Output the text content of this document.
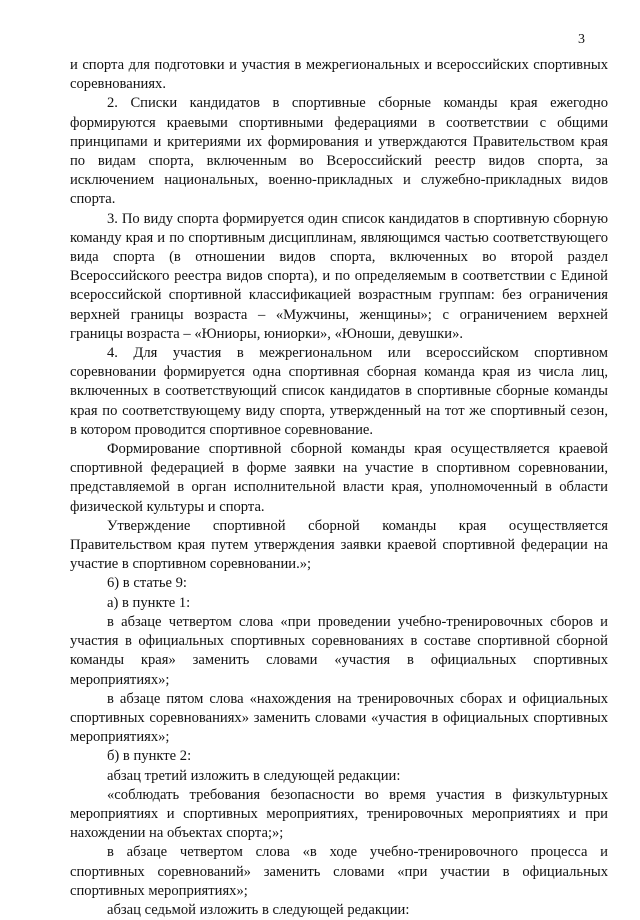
3

и спорта для подготовки и участия в межрегиональных и всероссийских спортивных соревнованиях.

2. Списки кандидатов в спортивные сборные команды края ежегодно формируются краевыми спортивными федерациями в соответствии с общими принципами и критериями их формирования и утверждаются Правительством края по видам спорта, включенным во Всероссийский реестр видов спорта, за исключением национальных, военно-прикладных и служебно-прикладных видов спорта.

3. По виду спорта формируется один список кандидатов в спортивную сборную команду края и по спортивным дисциплинам, являющимся частью соответствующего вида спорта (в отношении видов спорта, включенных во второй раздел Всероссийского реестра видов спорта), и по определяемым в соответствии с Единой всероссийской спортивной классификацией возрастным группам: без ограничения верхней границы возраста – «Мужчины, женщины»; с ограничением верхней границы возраста – «Юниоры, юниорки», «Юноши, девушки».

4. Для участия в межрегиональном или всероссийском спортивном соревновании формируется одна спортивная сборная команда края из числа лиц, включенных в соответствующий список кандидатов в спортивные сборные команды края по соответствующему виду спорта, утвержденный на тот же спортивный сезон, в котором проводится спортивное соревнование.

Формирование спортивной сборной команды края осуществляется краевой спортивной федерацией в форме заявки на участие в спортивном соревновании, представляемой в орган исполнительной власти края, уполномоченный в области физической культуры и спорта.

Утверждение спортивной сборной команды края осуществляется Правительством края путем утверждения заявки краевой спортивной федерации на участие в спортивном соревновании.»;

6) в статье 9:

а) в пункте 1:

в абзаце четвертом слова «при проведении учебно-тренировочных сборов и участия в официальных спортивных соревнованиях в составе спортивной сборной команды края» заменить словами «участия в официальных спортивных мероприятиях»;

в абзаце пятом слова «нахождения на тренировочных сборах и официальных спортивных соревнованиях» заменить словами «участия в официальных спортивных мероприятиях»;

б) в пункте 2:

абзац третий изложить в следующей редакции:

«соблюдать требования безопасности во время участия в физкультурных мероприятиях и спортивных мероприятиях, тренировочных мероприятиях и при нахождении на объектах спорта;»;

в абзаце четвертом слова «в ходе учебно-тренировочного процесса и спортивных соревнований» заменить словами «при участии в официальных спортивных мероприятиях»;

абзац седьмой изложить в следующей редакции:
